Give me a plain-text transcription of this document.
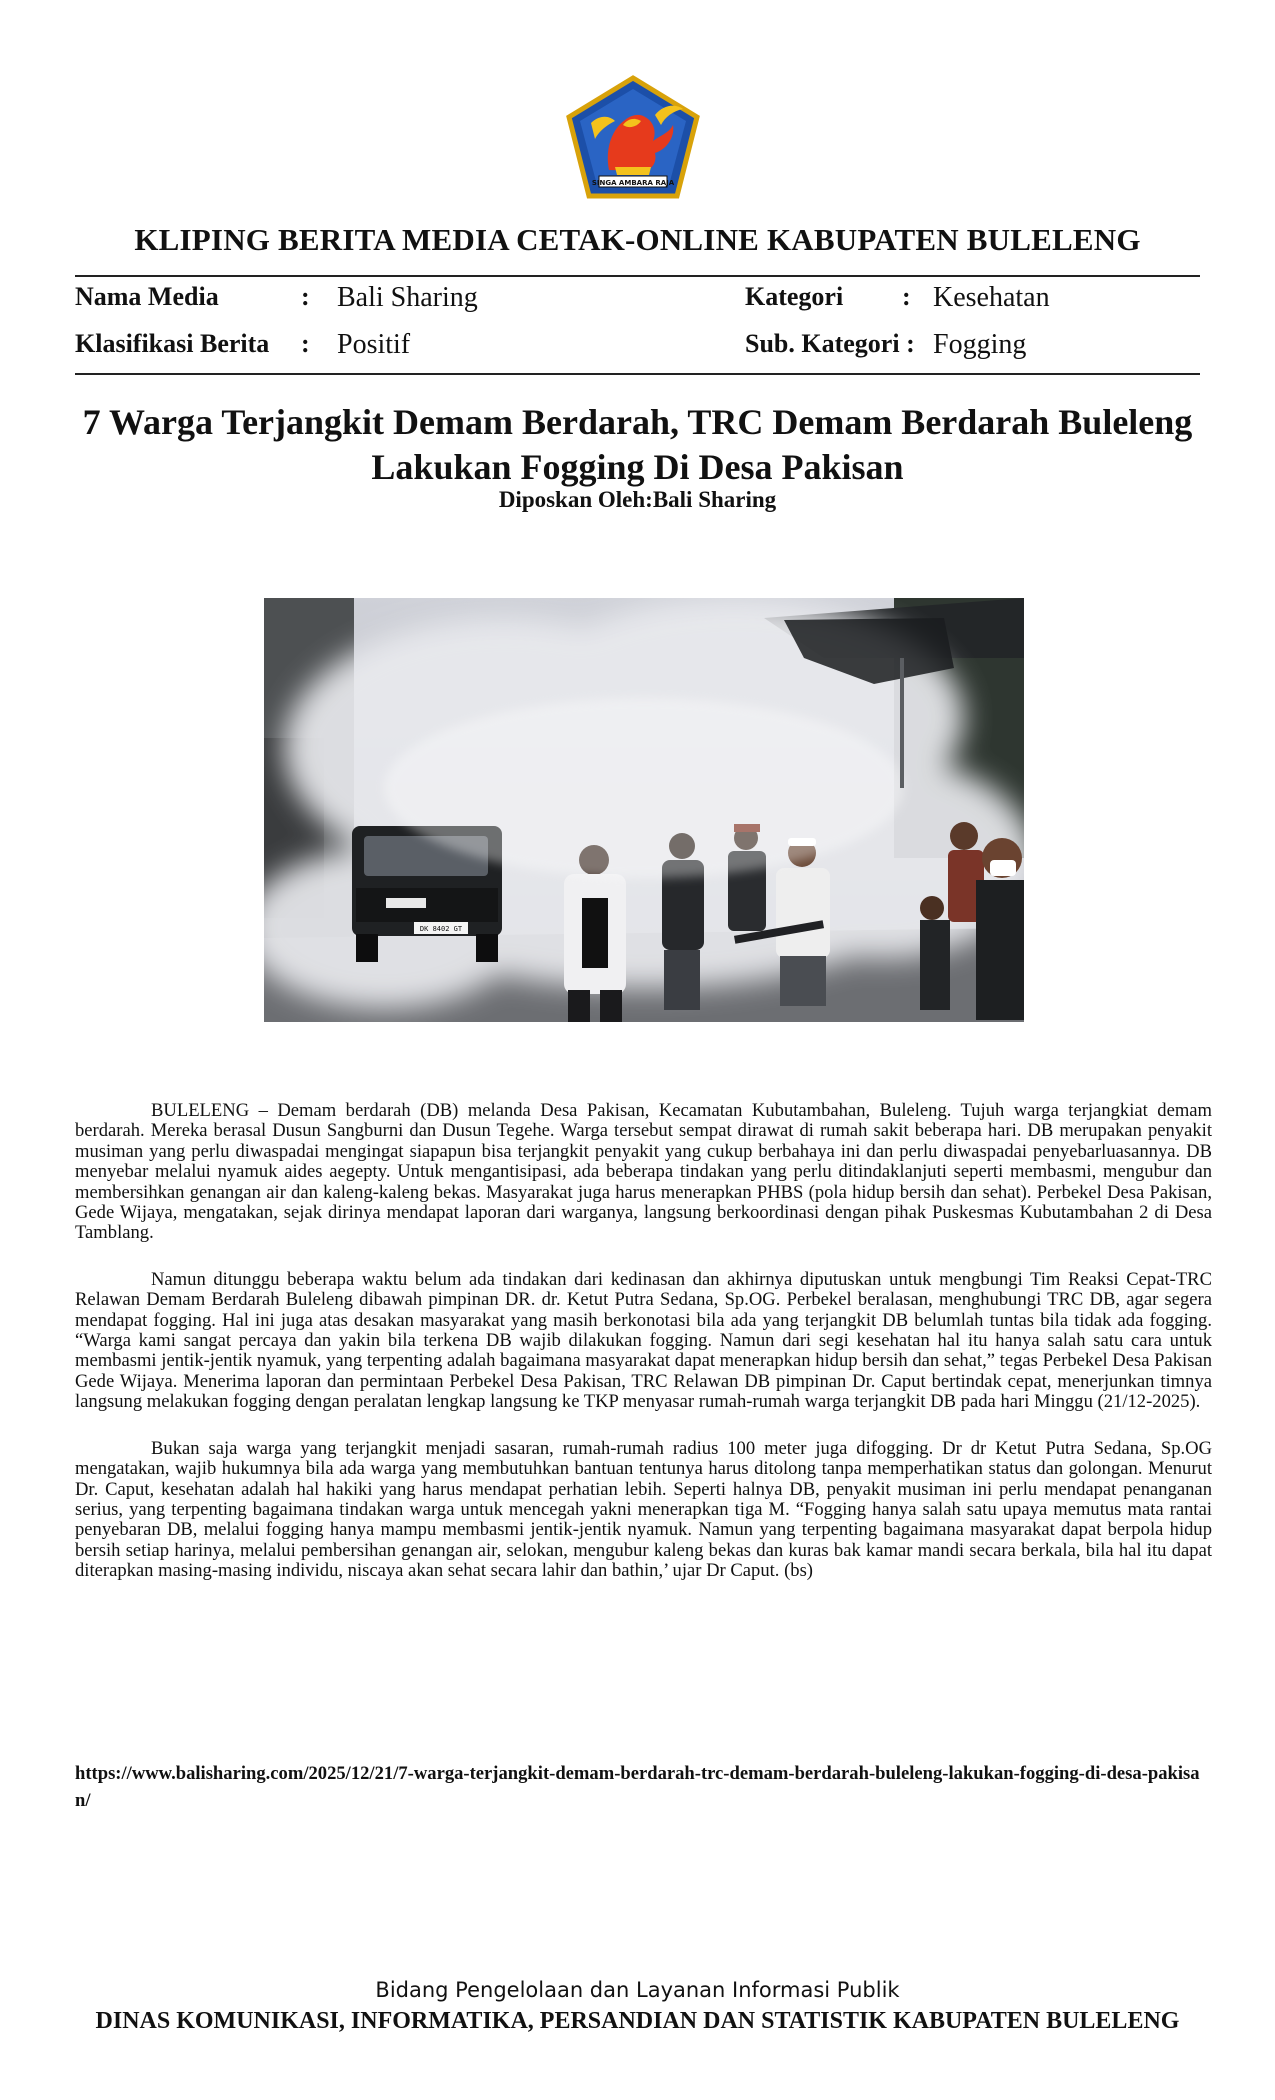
SINGA AMBARA RAJA
KLIPING BERITA MEDIA CETAK-ONLINE KABUPATEN BULELENG
Nama Media	: Bali Sharing	Kategori : Kesehatan
Klasifikasi Berita : Positif	Sub. Kategori : Fogging
7 Warga Terjangkit Demam Berdarah, TRC Demam Berdarah Buleleng Lakukan Fogging Di Desa Pakisan
Diposkan Oleh:Bali Sharing
DK 8402 GT

BULELENG – Demam berdarah (DB) melanda Desa Pakisan, Kecamatan Kubutambahan, Buleleng. Tujuh warga terjangkiat demam berdarah. Mereka berasal Dusun Sangburni dan Dusun Tegehe. Warga tersebut sempat dirawat di rumah sakit beberapa hari. DB merupakan penyakit musiman yang perlu diwaspadai mengingat siapapun bisa terjangkit penyakit yang cukup berbahaya ini dan perlu diwaspadai penyebarluasannya. DB menyebar melalui nyamuk aides aegepty. Untuk mengantisipasi, ada beberapa tindakan yang perlu ditindaklanjuti seperti membasmi, mengubur dan membersihkan genangan air dan kaleng-kaleng bekas. Masyarakat juga harus menerapkan PHBS (pola hidup bersih dan sehat). Perbekel Desa Pakisan, Gede Wijaya, mengatakan, sejak dirinya mendapat laporan dari warganya, langsung berkoordinasi dengan pihak Puskesmas Kubutambahan 2 di Desa Tamblang.

Namun ditunggu beberapa waktu belum ada tindakan dari kedinasan dan akhirnya diputuskan untuk mengbungi Tim Reaksi Cepat-TRC Relawan Demam Berdarah Buleleng dibawah pimpinan DR. dr. Ketut Putra Sedana, Sp.OG. Perbekel beralasan, menghubungi TRC DB, agar segera mendapat fogging. Hal ini juga atas desakan masyarakat yang masih berkonotasi bila ada yang terjangkit DB belumlah tuntas bila tidak ada fogging. “Warga kami sangat percaya dan yakin bila terkena DB wajib dilakukan fogging. Namun dari segi kesehatan hal itu hanya salah satu cara untuk membasmi jentik-jentik nyamuk, yang terpenting adalah bagaimana masyarakat dapat menerapkan hidup bersih dan sehat,” tegas Perbekel Desa Pakisan Gede Wijaya. Menerima laporan dan permintaan Perbekel Desa Pakisan, TRC Relawan DB pimpinan Dr. Caput bertindak cepat, menerjunkan timnya langsung melakukan fogging dengan peralatan lengkap langsung ke TKP menyasar rumah-rumah warga terjangkit DB pada hari Minggu (21/12-2025).

Bukan saja warga yang terjangkit menjadi sasaran, rumah-rumah radius 100 meter juga difogging. Dr dr Ketut Putra Sedana, Sp.OG mengatakan, wajib hukumnya bila ada warga yang membutuhkan bantuan tentunya harus ditolong tanpa memperhatikan status dan golongan. Menurut Dr. Caput, kesehatan adalah hal hakiki yang harus mendapat perhatian lebih. Seperti halnya DB, penyakit musiman ini perlu mendapat penanganan serius, yang terpenting bagaimana tindakan warga untuk mencegah yakni menerapkan tiga M. “Fogging hanya salah satu upaya memutus mata rantai penyebaran DB, melalui fogging hanya mampu membasmi jentik-jentik nyamuk. Namun yang terpenting bagaimana masyarakat dapat berpola hidup bersih setiap harinya, melalui pembersihan genangan air, selokan, mengubur kaleng bekas dan kuras bak kamar mandi secara berkala, bila hal itu dapat diterapkan masing-masing individu, niscaya akan sehat secara lahir dan bathin,’ ujar Dr Caput. (bs)

https://www.balisharing.com/2025/12/21/7-warga-terjangkit-demam-berdarah-trc-demam-berdarah-buleleng-lakukan-fogging-di-desa-pakisan/
Bidang Pengelolaan dan Layanan Informasi Publik
DINAS KOMUNIKASI, INFORMATIKA, PERSANDIAN DAN STATISTIK KABUPATEN BULELENG
